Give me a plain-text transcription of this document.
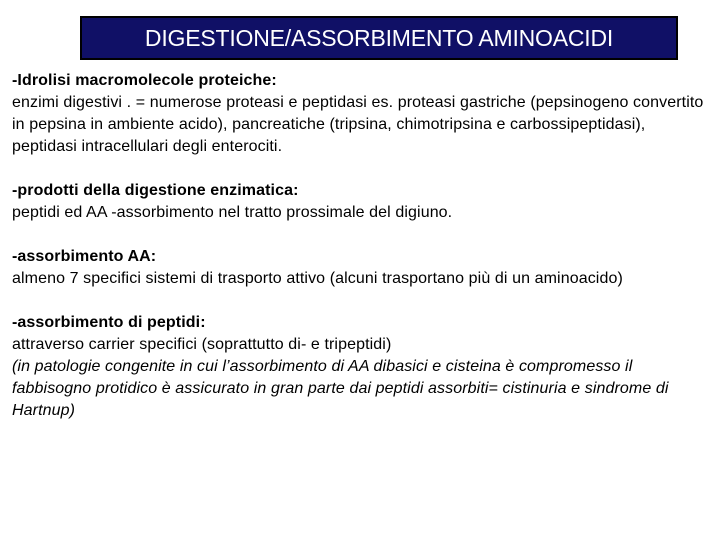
DIGESTIONE/ASSORBIMENTO AMINOACIDI

-Idrolisi macromolecole proteiche:

enzimi digestivi . = numerose proteasi e peptidasi es. proteasi gastriche (pepsinogeno convertito in pepsina in ambiente acido), pancreatiche (tripsina, chimotripsina e carbossipeptidasi), peptidasi intracellulari degli enterociti.

-prodotti della digestione enzimatica:

peptidi ed AA -assorbimento nel tratto prossimale del digiuno.

-assorbimento AA:

almeno 7 specifici sistemi di trasporto attivo (alcuni trasportano più di un aminoacido)

-assorbimento di peptidi:

attraverso carrier specifici (soprattutto di- e tripeptidi)

(in patologie congenite in cui l’assorbimento di AA dibasici e cisteina è compromesso il fabbisogno protidico è assicurato in gran parte dai peptidi assorbiti= cistinuria e sindrome di Hartnup)
